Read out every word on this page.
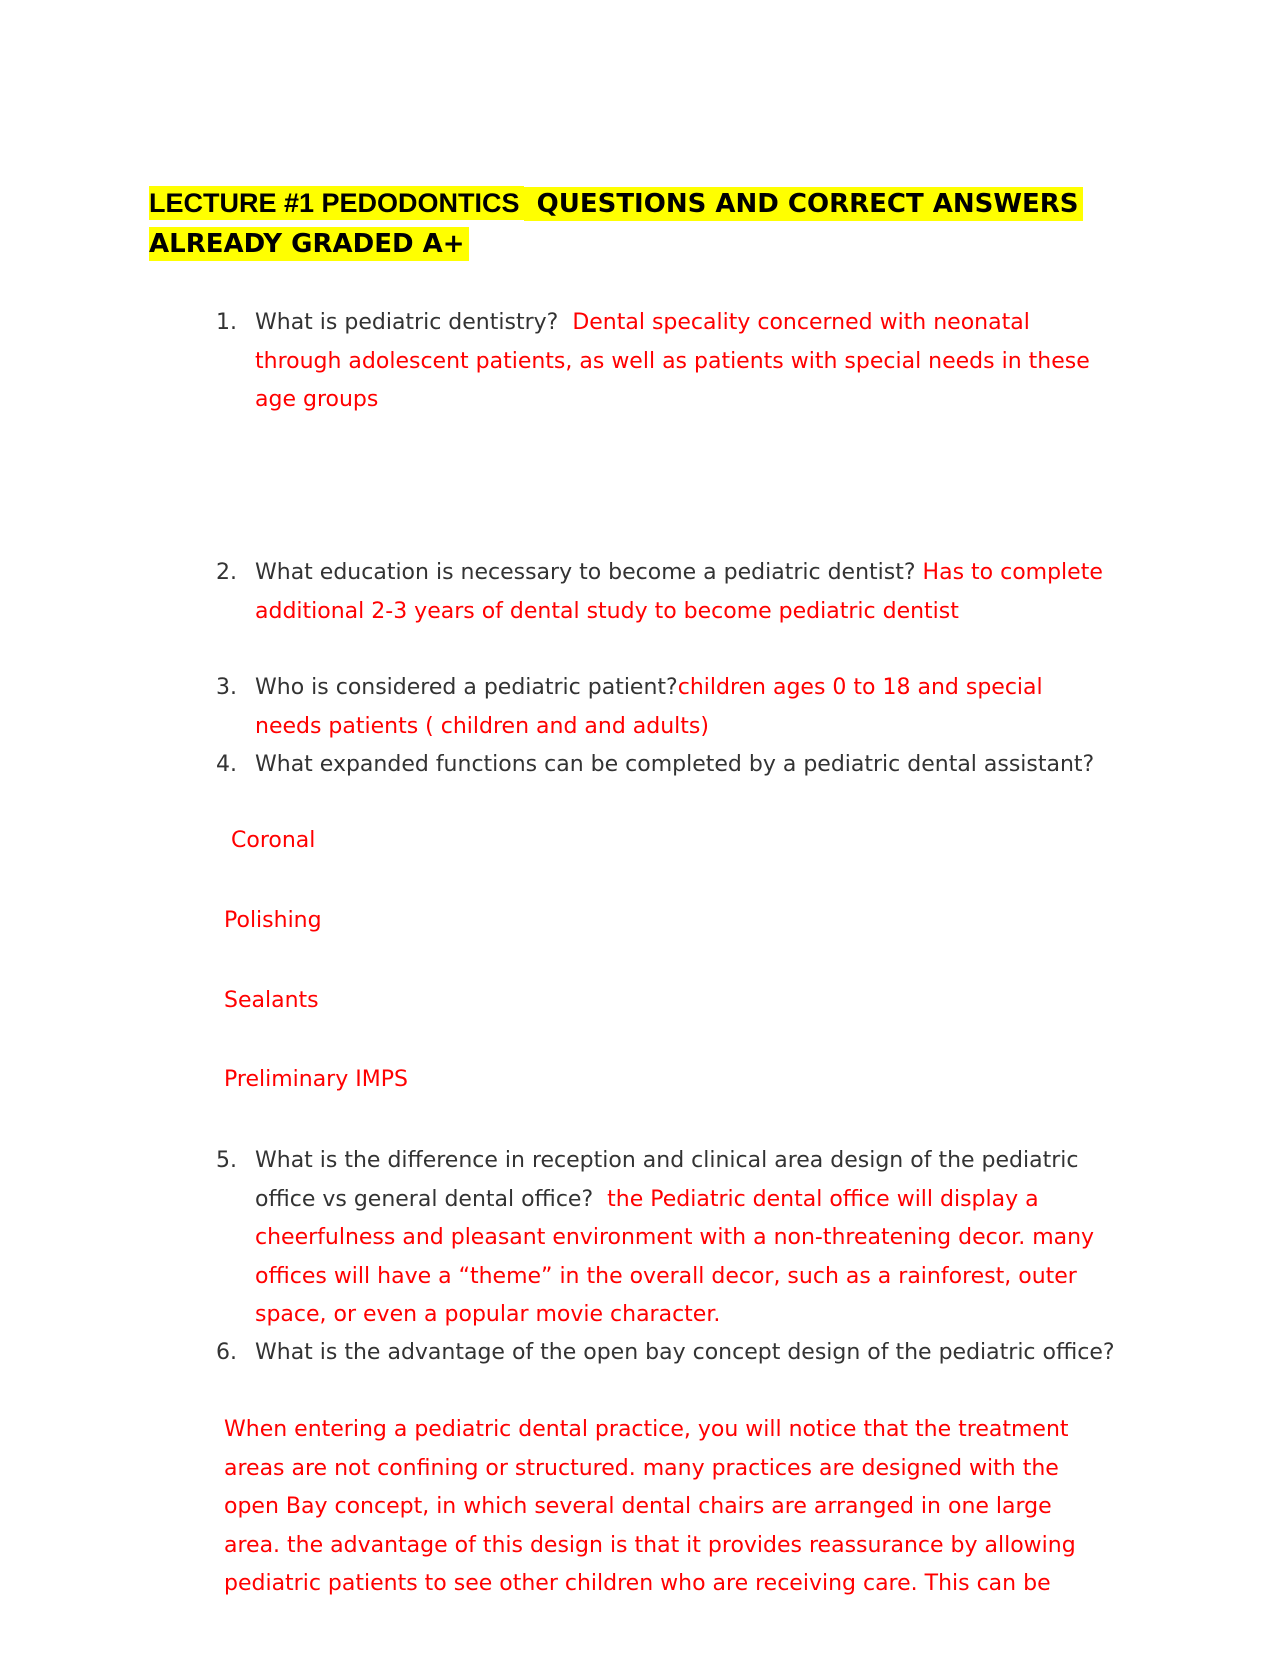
LECTURE #1 PEDODONTICS QUESTIONS AND CORRECT ANSWERS ALREADY GRADED A+
1. What is pediatric dentistry? Dental specality concerned with neonatal through adolescent patients, as well as patients with special needs in these age groups
2. What education is necessary to become a pediatric dentist? Has to complete additional 2-3 years of dental study to become pediatric dentist
3. Who is considered a pediatric patient?children ages 0 to 18 and special needs patients ( children and and adults)
4. What expanded functions can be completed by a pediatric dental assistant?
Coronal
Polishing
Sealants
Preliminary IMPS
5. What is the difference in reception and clinical area design of the pediatric office vs general dental office? the Pediatric dental office will display a cheerfulness and pleasant environment with a non-threatening decor. many offices will have a “theme” in the overall decor, such as a rainforest, outer space, or even a popular movie character.
6. What is the advantage of the open bay concept design of the pediatric office?
When entering a pediatric dental practice, you will notice that the treatment areas are not confining or structured. many practices are designed with the open Bay concept, in which several dental chairs are arranged in one large area. the advantage of this design is that it provides reassurance by allowing pediatric patients to see other children who are receiving care. This can be
